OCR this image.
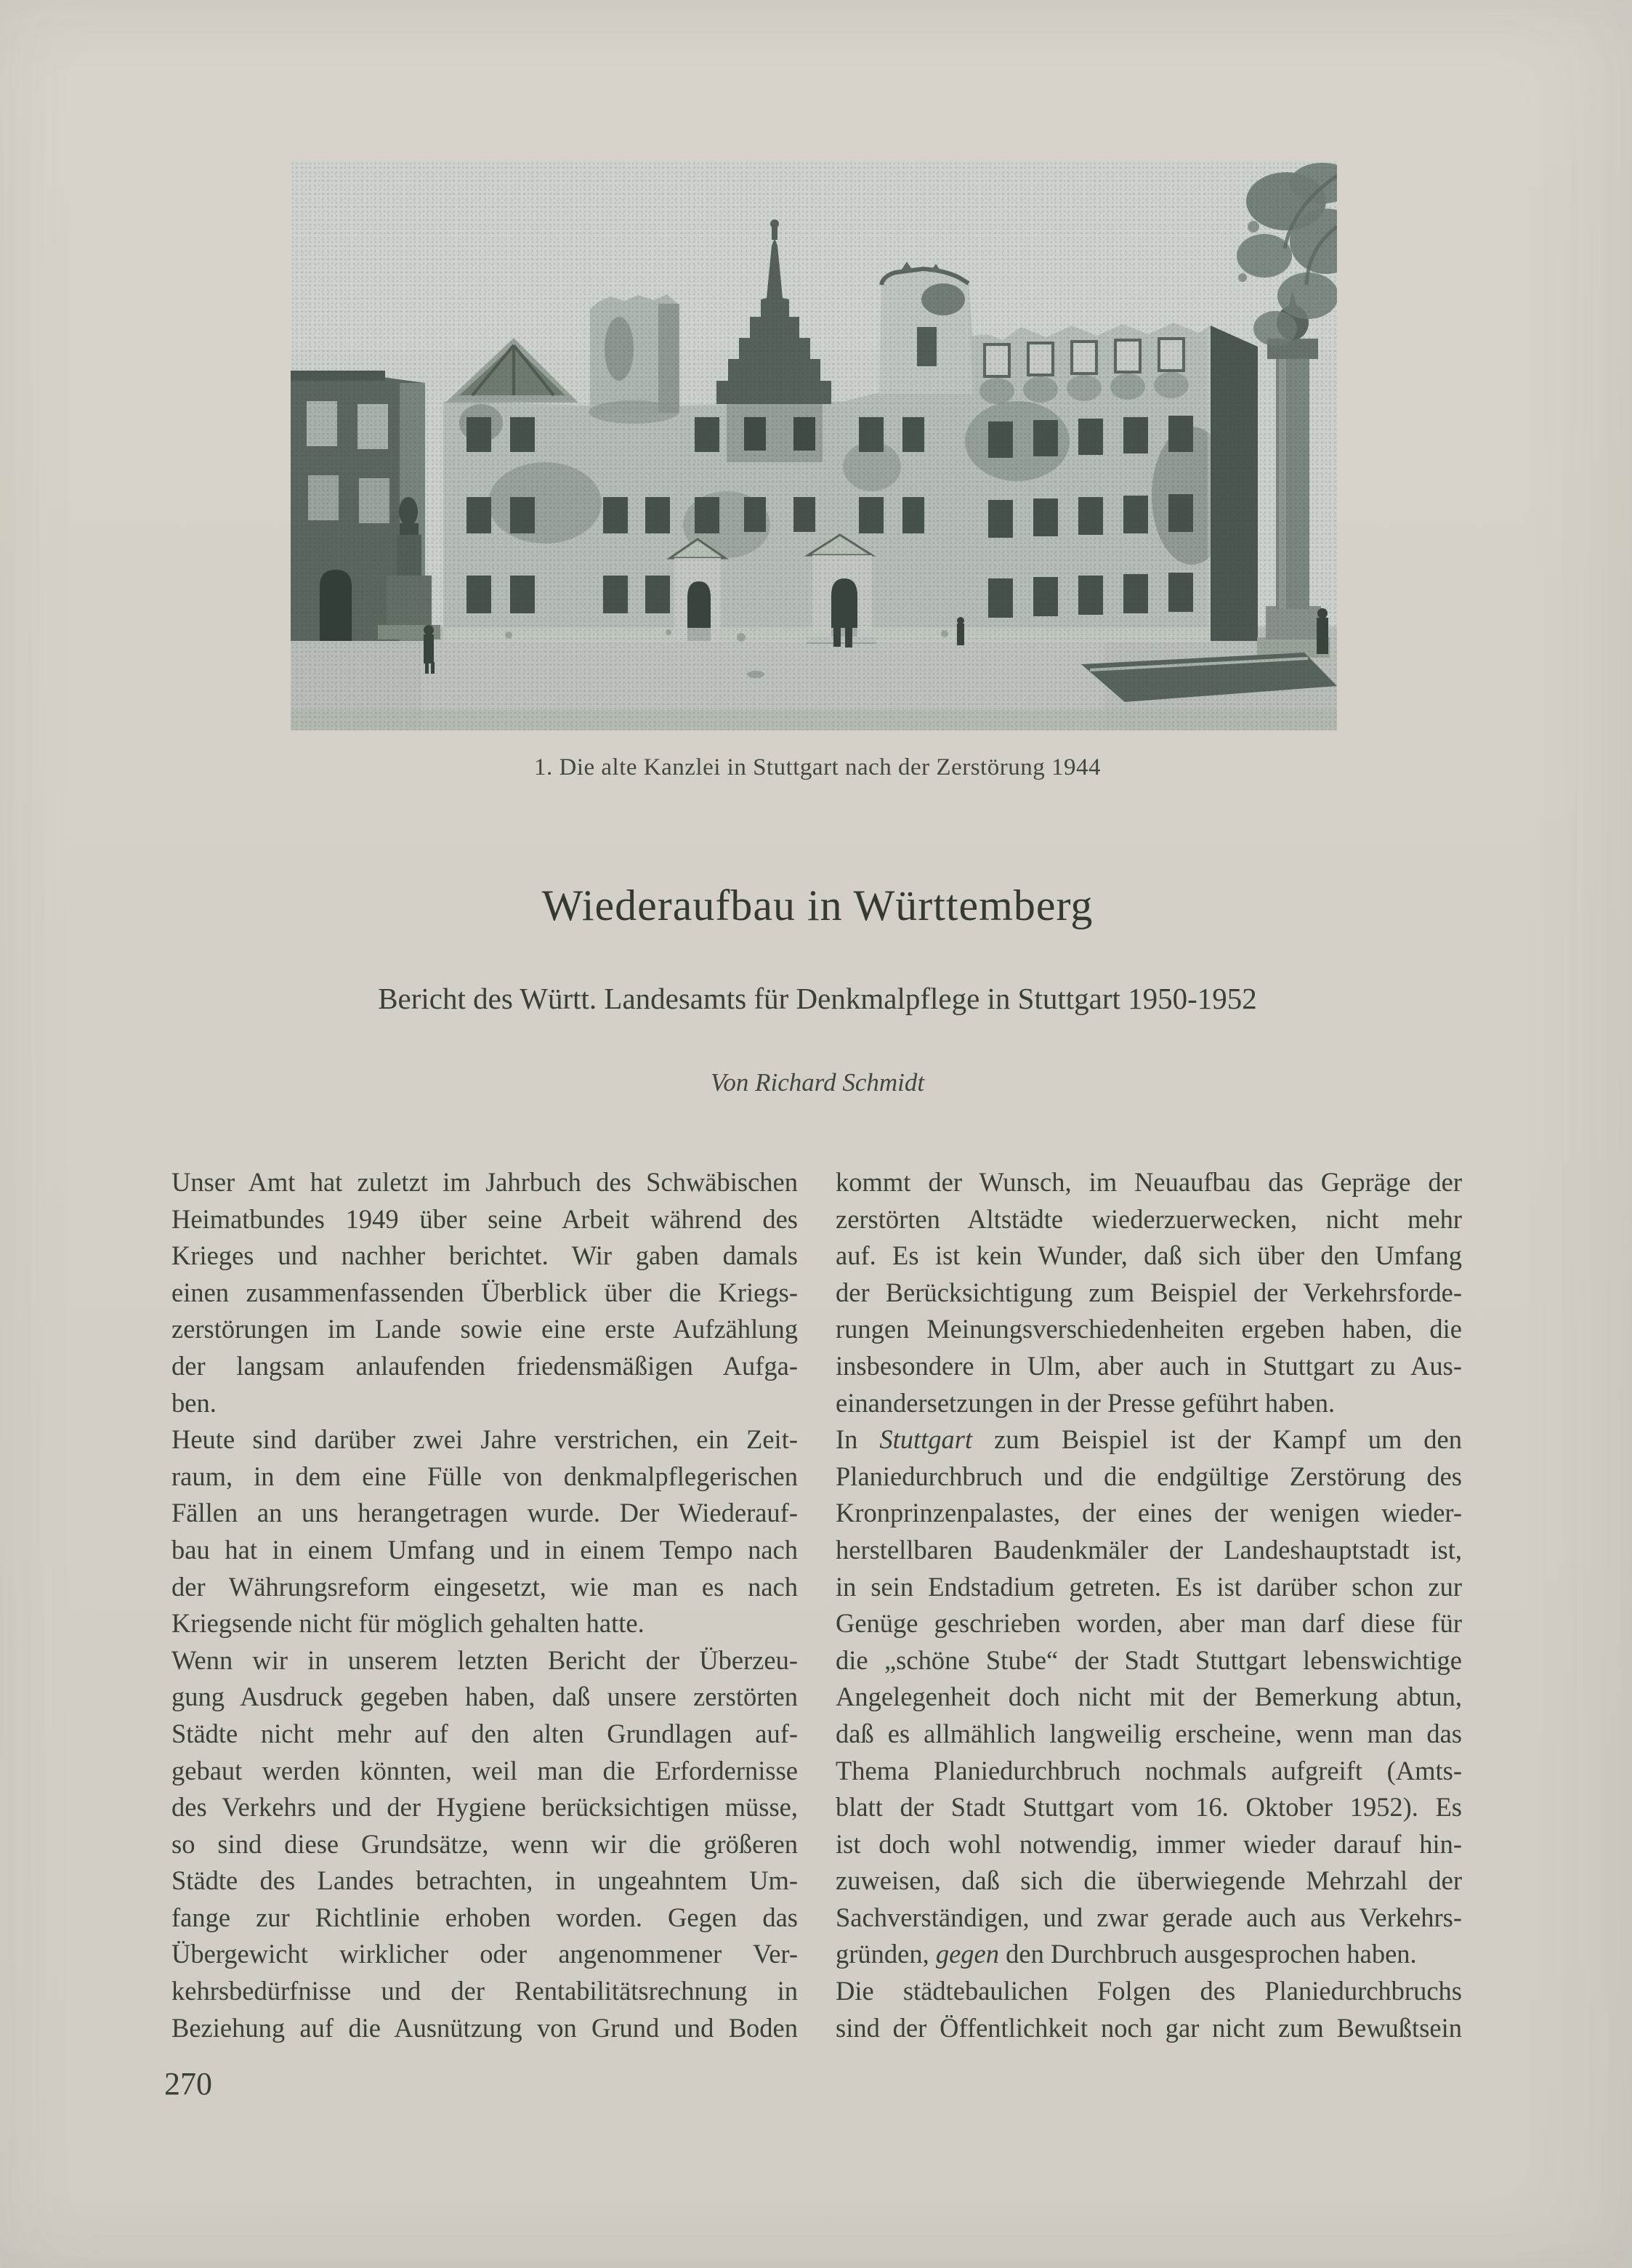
1. Die alte Kanzlei in Stuttgart nach der Zerstörung 1944
Wiederaufbau in Württemberg
Bericht des Württ. Landesamts für Denkmalpflege in Stuttgart 1950-1952
Von Richard Schmidt
Unser Amt hat zuletzt im Jahrbuch des Schwäbischen
Heimatbundes 1949 über seine Arbeit während des
Krieges und nachher berichtet. Wir gaben damals
einen zusammenfassenden Überblick über die Kriegs-
zerstörungen im Lande sowie eine erste Aufzählung
der langsam anlaufenden friedensmäßigen Aufga-
ben.
Heute sind darüber zwei Jahre verstrichen, ein Zeit-
raum, in dem eine Fülle von denkmalpflegerischen
Fällen an uns herangetragen wurde. Der Wiederauf-
bau hat in einem Umfang und in einem Tempo nach
der Währungsreform eingesetzt, wie man es nach
Kriegsende nicht für möglich gehalten hatte.
Wenn wir in unserem letzten Bericht der Überzeu-
gung Ausdruck gegeben haben, daß unsere zerstörten
Städte nicht mehr auf den alten Grundlagen auf-
gebaut werden könnten, weil man die Erfordernisse
des Verkehrs und der Hygiene berücksichtigen müsse,
so sind diese Grundsätze, wenn wir die größeren
Städte des Landes betrachten, in ungeahntem Um-
fange zur Richtlinie erhoben worden. Gegen das
Übergewicht wirklicher oder angenommener Ver-
kehrsbedürfnisse und der Rentabilitätsrechnung in
Beziehung auf die Ausnützung von Grund und Boden
kommt der Wunsch, im Neuaufbau das Gepräge der
zerstörten Altstädte wiederzuerwecken, nicht mehr
auf. Es ist kein Wunder, daß sich über den Umfang
der Berücksichtigung zum Beispiel der Verkehrsforde-
rungen Meinungsverschiedenheiten ergeben haben, die
insbesondere in Ulm, aber auch in Stuttgart zu Aus-
einandersetzungen in der Presse geführt haben.
In Stuttgart zum Beispiel ist der Kampf um den
Planiedurchbruch und die endgültige Zerstörung des
Kronprinzenpalastes, der eines der wenigen wieder-
herstellbaren Baudenkmäler der Landeshauptstadt ist,
in sein Endstadium getreten. Es ist darüber schon zur
Genüge geschrieben worden, aber man darf diese für
die „schöne Stube“ der Stadt Stuttgart lebenswichtige
Angelegenheit doch nicht mit der Bemerkung abtun,
daß es allmählich langweilig erscheine, wenn man das
Thema Planiedurchbruch nochmals aufgreift (Amts-
blatt der Stadt Stuttgart vom 16. Oktober 1952). Es
ist doch wohl notwendig, immer wieder darauf hin-
zuweisen, daß sich die überwiegende Mehrzahl der
Sachverständigen, und zwar gerade auch aus Verkehrs-
gründen, gegen den Durchbruch ausgesprochen haben.
Die städtebaulichen Folgen des Planiedurchbruchs
sind der Öffentlichkeit noch gar nicht zum Bewußtsein
270
